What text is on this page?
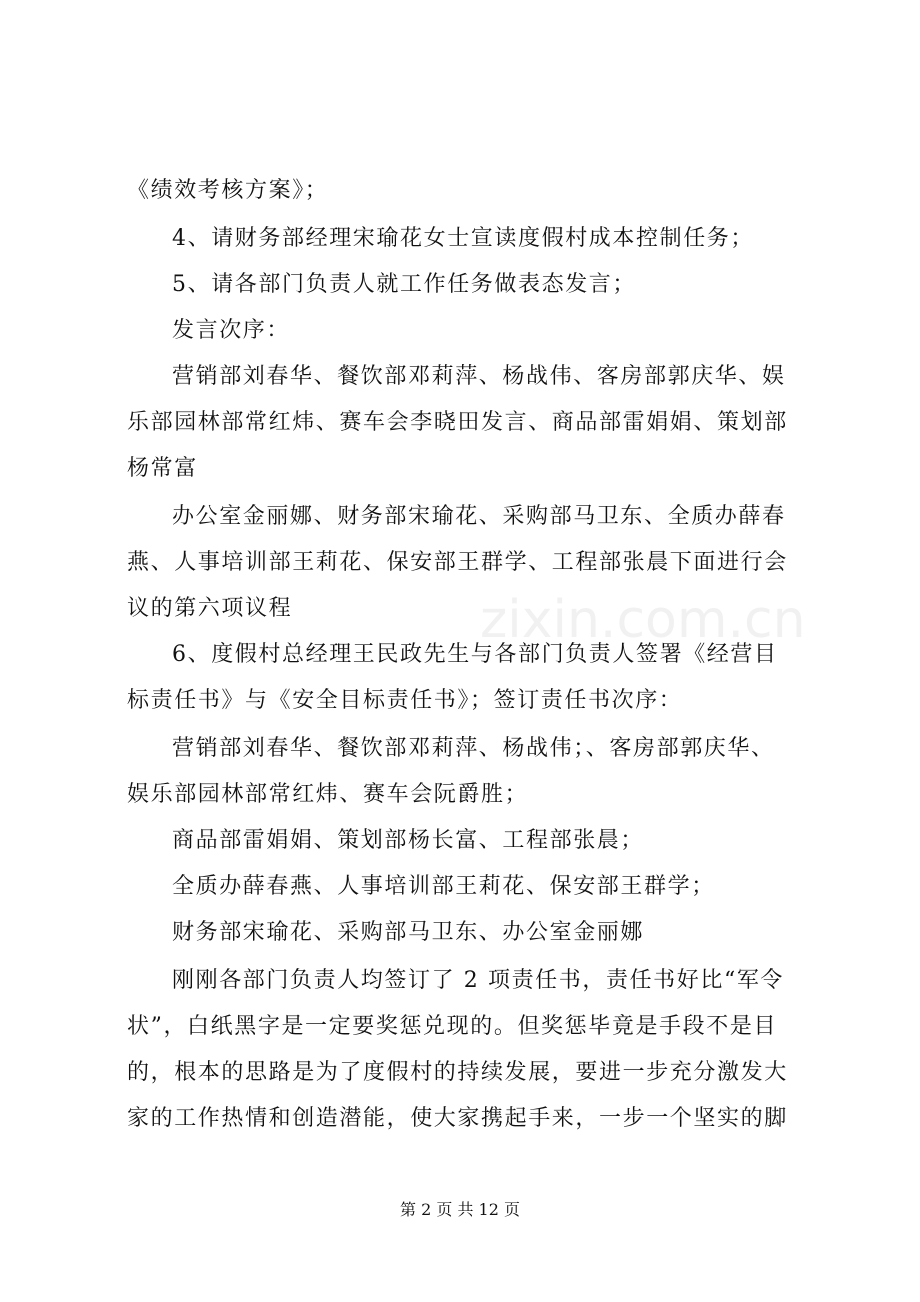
zixin.com.cn
《绩效考核方案》；
4、请财务部经理宋瑜花女士宣读度假村成本控制任务；
5、请各部门负责人就工作任务做表态发言；
发言次序：
营销部刘春华、餐饮部邓莉萍、杨战伟、客房部郭庆华、娱
乐部园林部常红炜、赛车会李晓田发言、商品部雷娟娟、策划部
杨常富
办公室金丽娜、财务部宋瑜花、采购部马卫东、全质办薛春
燕、人事培训部王莉花、保安部王群学、工程部张晨下面进行会
议的第六项议程
6、度假村总经理王民政先生与各部门负责人签署《经营目
标责任书》与《安全目标责任书》；签订责任书次序：
营销部刘春华、餐饮部邓莉萍、杨战伟；、客房部郭庆华、
娱乐部园林部常红炜、赛车会阮爵胜；
商品部雷娟娟、策划部杨长富、工程部张晨；
全质办薛春燕、人事培训部王莉花、保安部王群学；
财务部宋瑜花、采购部马卫东、办公室金丽娜
刚刚各部门负责人均签订了 2 项责任书，责任书好比“军令
状”，白纸黑字是一定要奖惩兑现的。但奖惩毕竟是手段不是目
的，根本的思路是为了度假村的持续发展，要进一步充分激发大
家的工作热情和创造潜能，使大家携起手来，一步一个坚实的脚
第 2 页 共 12 页
